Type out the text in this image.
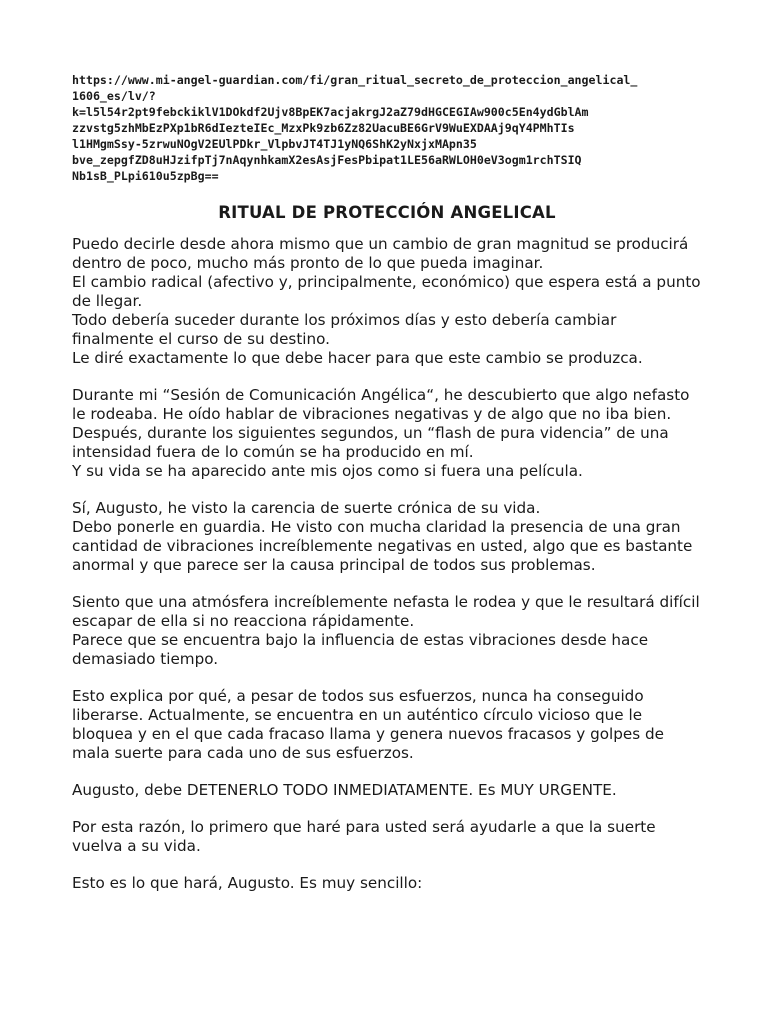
https://www.mi-angel-guardian.com/fi/gran_ritual_secreto_de_proteccion_angelical_
1606_es/lv/?
k=l5l54r2pt9febckiklV1DOkdf2Ujv8BpEK7acjakrgJ2aZ79dHGCEGIAw900c5En4ydGblAm
zzvstg5zhMbEzPXp1bR6dIezteIEc_MzxPk9zb6Zz82UacuBE6GrV9WuEXDAAj9qY4PMhTIs
l1HMgmSsy-5zrwuNOgV2EUlPDkr_VlpbvJT4TJ1yNQ6ShK2yNxjxMApn35
bve_zepgfZD8uHJzifpTj7nAqynhkamX2esAsjFesPbipat1LE56aRWLOH0eV3ogm1rchTSIQ
Nb1sB_PLpi610u5zpBg==

RITUAL DE PROTECCIÓN ANGELICAL

Puedo decirle desde ahora mismo que un cambio de gran magnitud se producirá
dentro de poco, mucho más pronto de lo que pueda imaginar.
El cambio radical (afectivo y, principalmente, económico) que espera está a punto
de llegar.
Todo debería suceder durante los próximos días y esto debería cambiar
finalmente el curso de su destino.
Le diré exactamente lo que debe hacer para que este cambio se produzca.

Durante mi “Sesión de Comunicación Angélica“, he descubierto que algo nefasto
le rodeaba. He oído hablar de vibraciones negativas y de algo que no iba bien.
Después, durante los siguientes segundos, un “flash de pura videncia” de una
intensidad fuera de lo común se ha producido en mí.
Y su vida se ha aparecido ante mis ojos como si fuera una película.

Sí, Augusto, he visto la carencia de suerte crónica de su vida.
Debo ponerle en guardia. He visto con mucha claridad la presencia de una gran
cantidad de vibraciones increíblemente negativas en usted, algo que es bastante
anormal y que parece ser la causa principal de todos sus problemas.

Siento que una atmósfera increíblemente nefasta le rodea y que le resultará difícil
escapar de ella si no reacciona rápidamente.
Parece que se encuentra bajo la influencia de estas vibraciones desde hace
demasiado tiempo.

Esto explica por qué, a pesar de todos sus esfuerzos, nunca ha conseguido
liberarse. Actualmente, se encuentra en un auténtico círculo vicioso que le
bloquea y en el que cada fracaso llama y genera nuevos fracasos y golpes de
mala suerte para cada uno de sus esfuerzos.

Augusto, debe DETENERLO TODO INMEDIATAMENTE. Es MUY URGENTE.

Por esta razón, lo primero que haré para usted será ayudarle a que la suerte
vuelva a su vida.

Esto es lo que hará, Augusto. Es muy sencillo:
